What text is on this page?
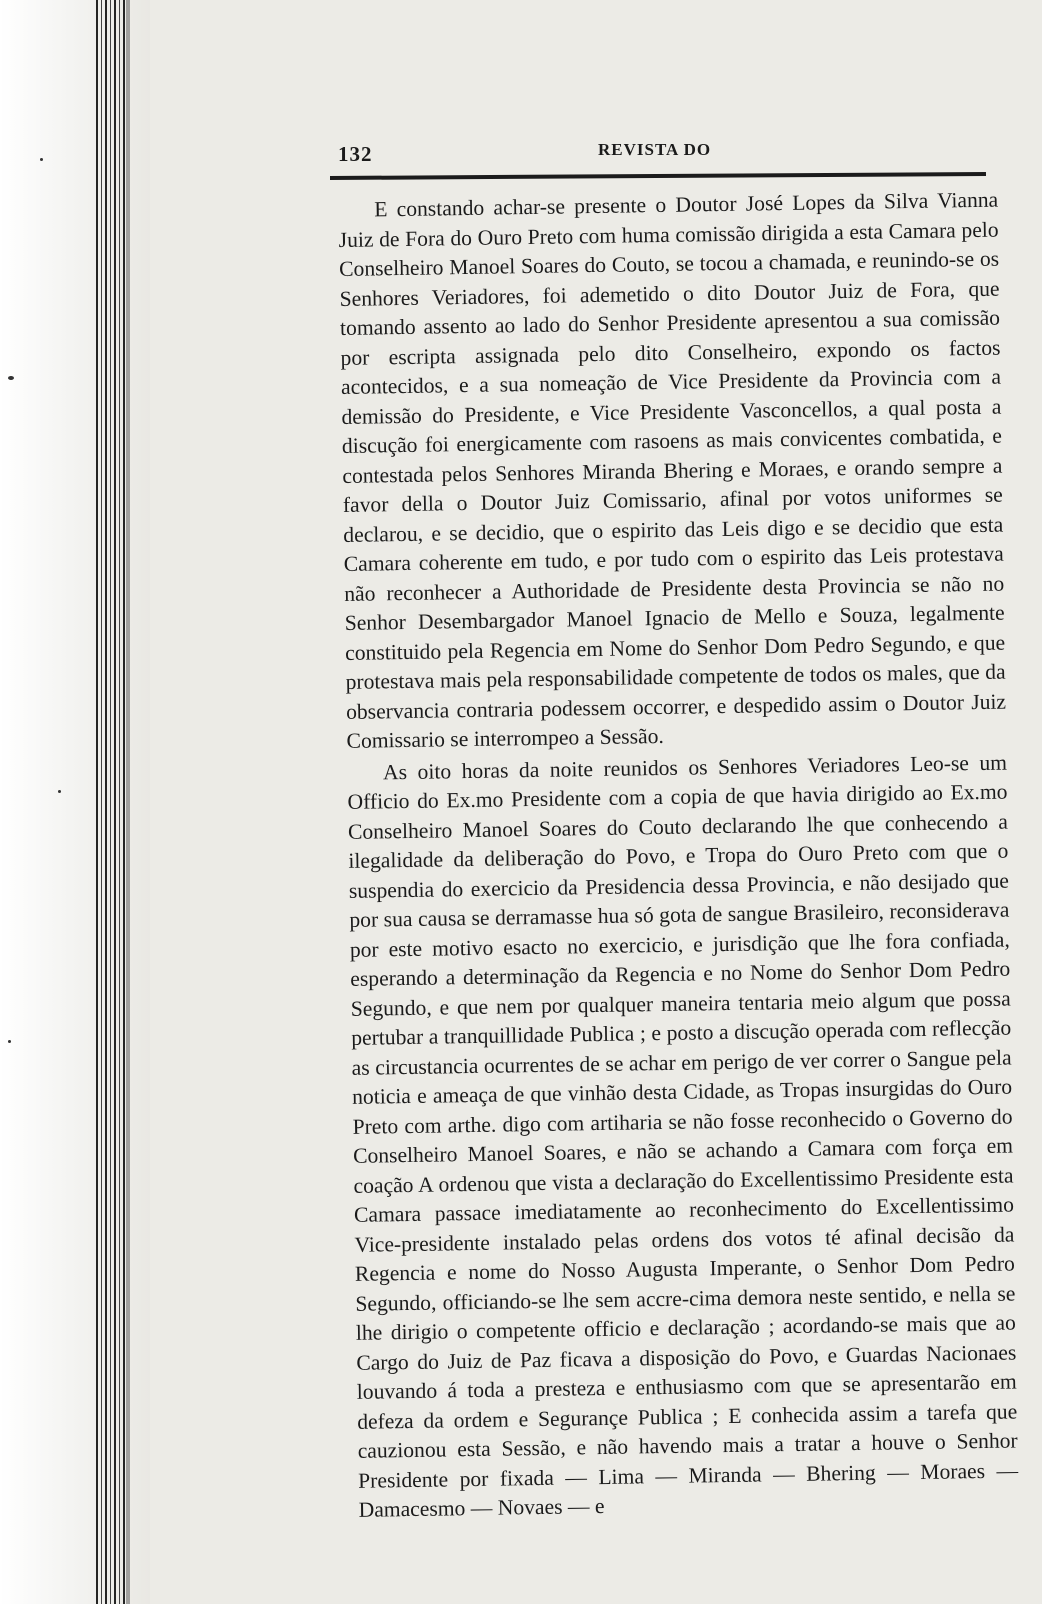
132	REVISTA DO

E constando achar-se presente o Doutor José Lopes da Silva Vianna Juiz de Fora do Ouro Preto com huma comissão dirigida a esta Camara pelo Conselheiro Manoel Soares do Couto, se tocou a chamada, e reunindo-se os Senhores Veriadores, foi ademetido o dito Doutor Juiz de Fora, que tomando assento ao lado do Senhor Presidente apresentou a sua comissão por escripta assignada pelo dito Conselheiro, expondo os factos acontecidos, e a sua nomeação de Vice Presidente da Provincia com a demissão do Presidente, e Vice Presidente Vasconcellos, a qual posta a discução foi energicamente com rasoens as mais convicentes combatida, e contestada pelos Senhores Miranda Bhering e Moraes, e orando sempre a favor della o Doutor Juiz Comissario, afinal por votos uniformes se declarou, e se decidio, que o espirito das Leis digo e se decidio que esta Camara coherente em tudo, e por tudo com o espirito das Leis protestava não reconhecer a Authoridade de Presidente desta Provincia se não no Senhor Desembargador Manoel Ignacio de Mello e Souza, legalmente constituido pela Regencia em Nome do Senhor Dom Pedro Segundo, e que protestava mais pela responsabilidade competente de todos os males, que da observancia contraria podessem occorrer, e despedido assim o Doutor Juiz Comissario se interrompeo a Sessão.

As oito horas da noite reunidos os Senhores Veriadores Leo-se um Officio do Ex.mo Presidente com a copia de que havia dirigido ao Ex.mo Conselheiro Manoel Soares do Couto declarando lhe que conhecendo a ilegalidade da deliberação do Povo, e Tropa do Ouro Preto com que o suspendia do exercicio da Presidencia dessa Provincia, e não desijado que por sua causa se derramasse hua só gota de sangue Brasileiro, reconsiderava por este motivo esacto no exercicio, e jurisdição que lhe fora confiada, esperando a determinação da Regencia e no Nome do Senhor Dom Pedro Segundo, e que nem por qualquer maneira tentaria meio algum que possa pertubar a tranquillidade Publica ; e posto a discução operada com reflecção as circustancia ocurrentes de se achar em perigo de ver correr o Sangue pela noticia e ameaça de que vinhão desta Cidade, as Tropas insurgidas do Ouro Preto com arthe. digo com artiharia se não fosse reconhecido o Governo do Conselheiro Manoel Soares, e não se achando a Camara com força em coação A ordenou que vista a declaração do Excellentissimo Presidente esta Camara passace imediatamente ao reconhecimento do Excellentissimo Vice-presidente instalado pelas ordens dos votos té afinal decisão da Regencia e nome do Nosso Augusta Imperante, o Senhor Dom Pedro Segundo, officiando-se lhe sem accre-cima demora neste sentido, e nella se lhe dirigio o competente officio e declaração ; acordando-se mais que ao Cargo do Juiz de Paz ficava a disposição do Povo, e Guardas Nacionaes louvando á toda a presteza e enthusiasmo com que se apresentarão em defeza da ordem e Segurançe Publica ; E conhecida assim a tarefa que cauzionou esta Sessão, e não havendo mais a tratar a houve o Senhor Presidente por fixada — Lima — Miranda — Bhering — Moraes — Damacesmo — Novaes — e
